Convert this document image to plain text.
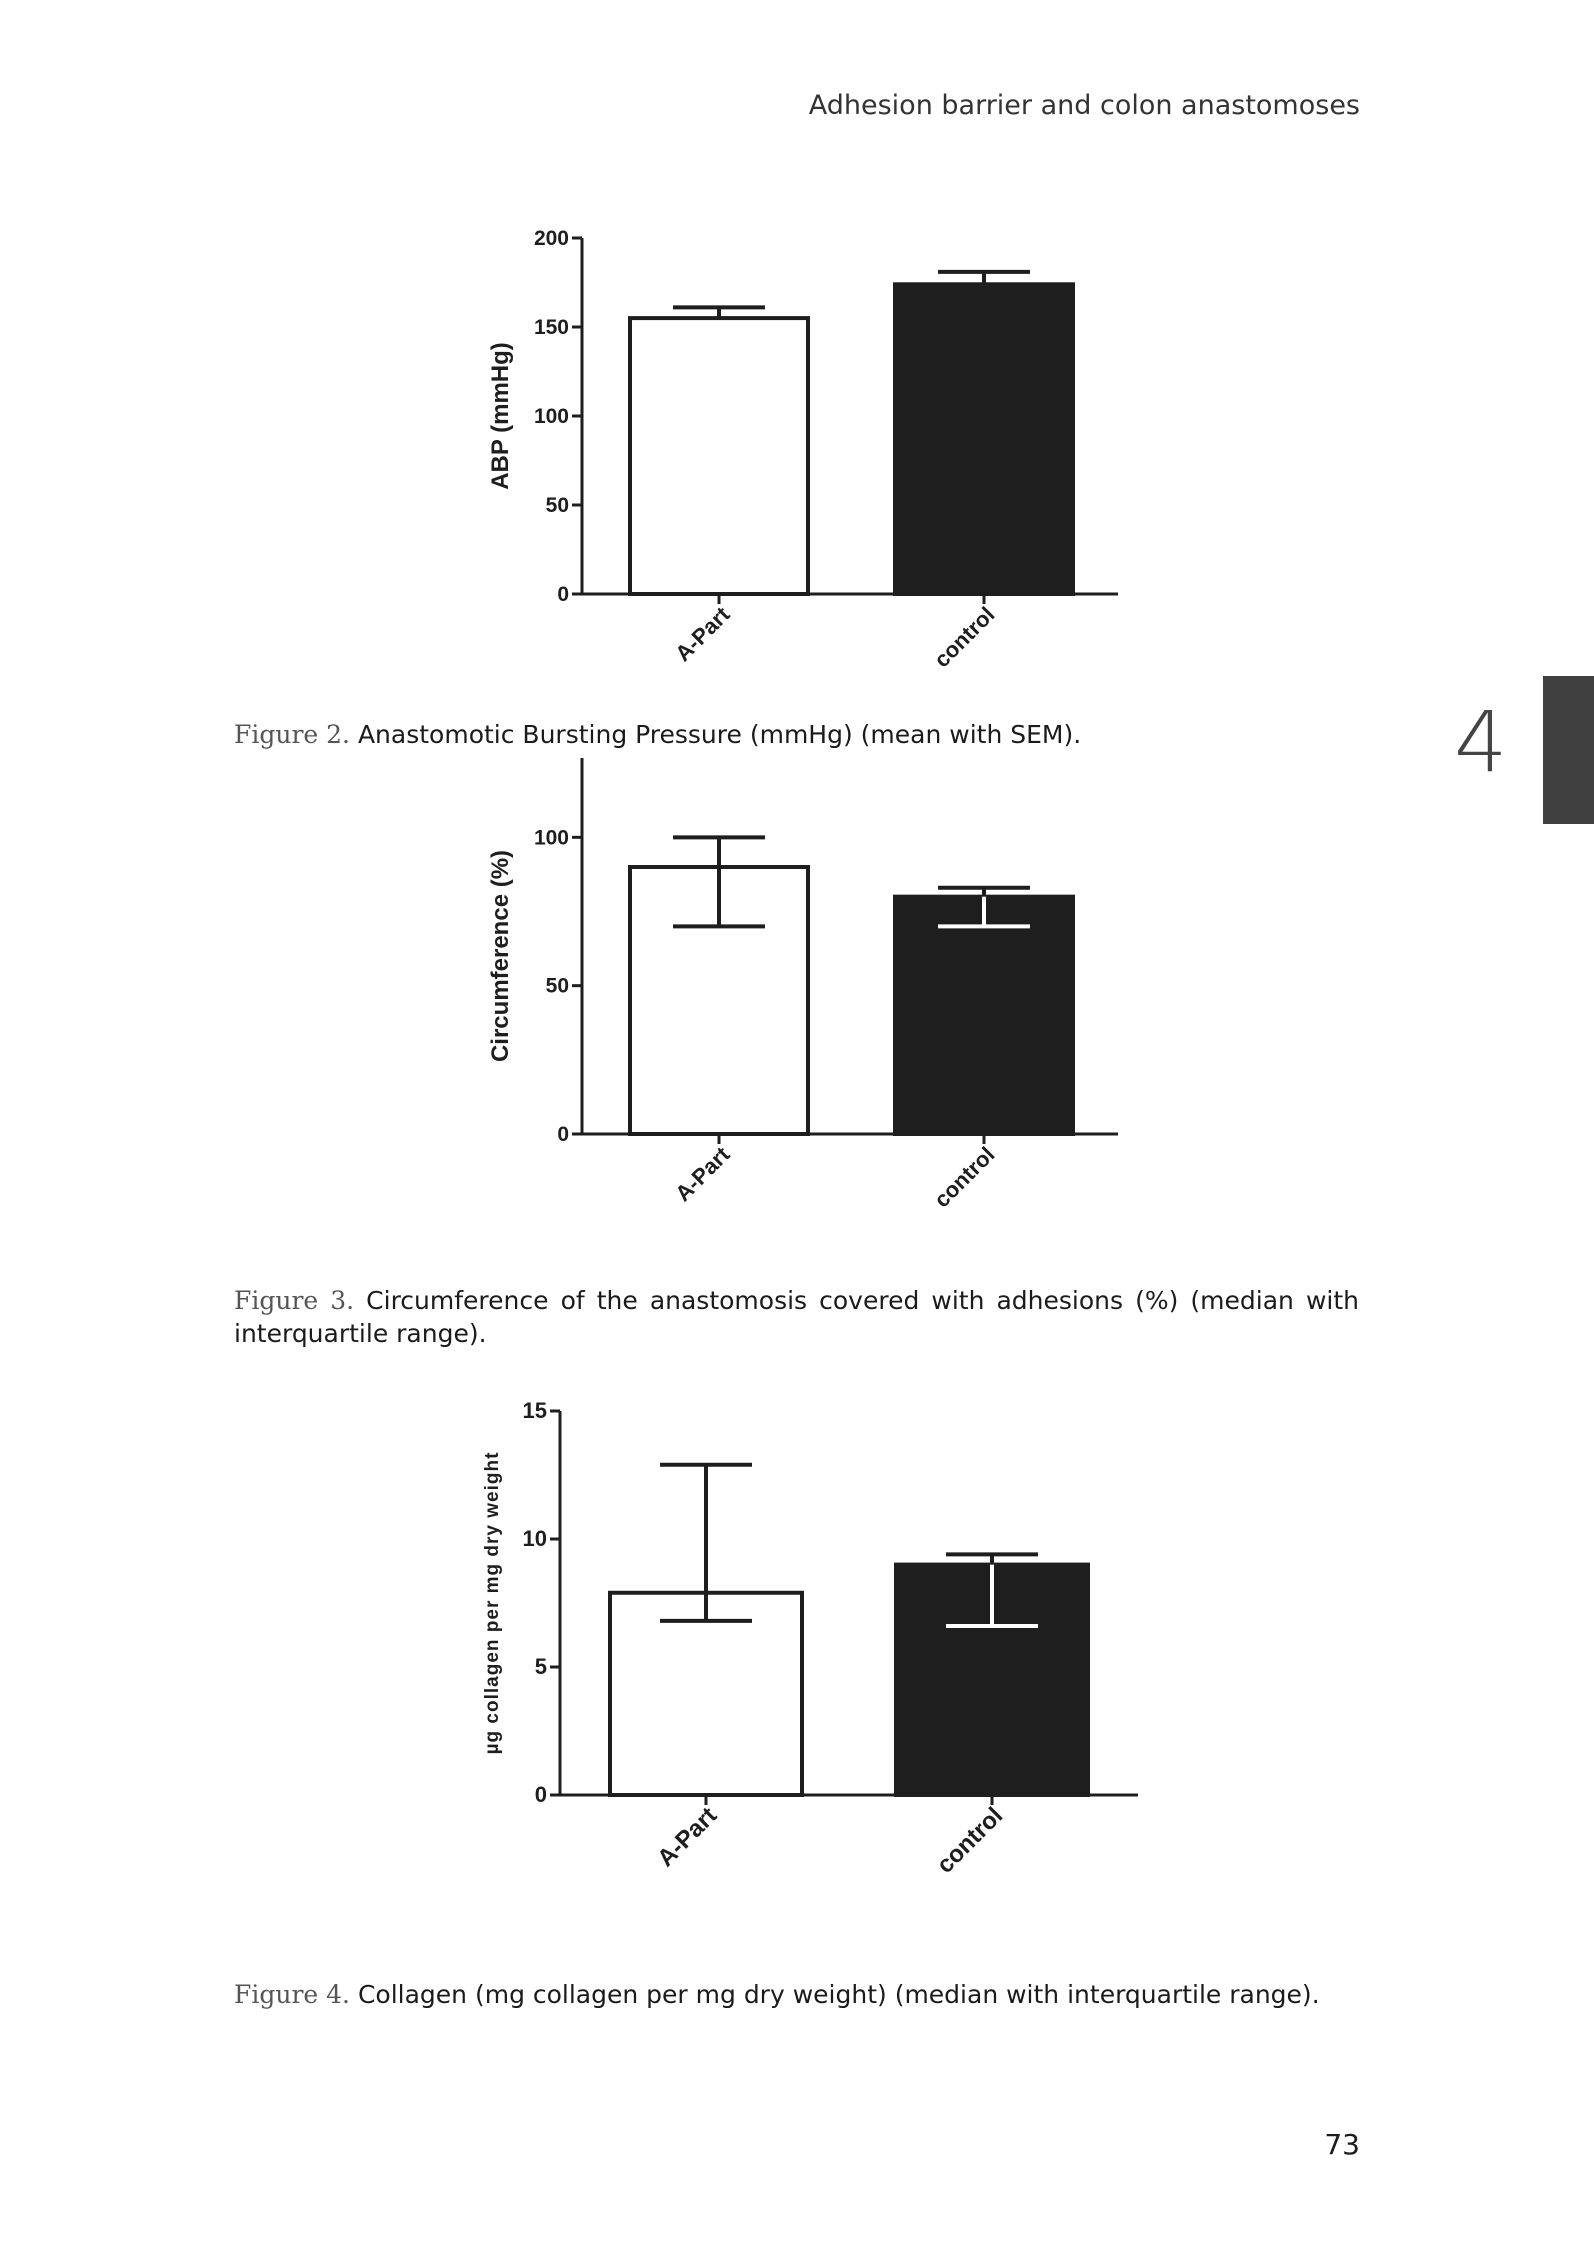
Adhesion barrier and colon anastomoses
4
0
50
100
150
200
ABP (mmHg)
A-Part	control
Figure 2. Anastomotic Bursting Pressure (mmHg) (mean with SEM).
0
50
100
Circumference (%)
A-Part	control
Figure 3. Circumference of the anastomosis covered with adhesions (%) (median with interquartile range).
0
5
10
15
µg collagen per mg dry weight
A-Part	control
Figure 4. Collagen (mg collagen per mg dry weight) (median with interquartile range).
73
